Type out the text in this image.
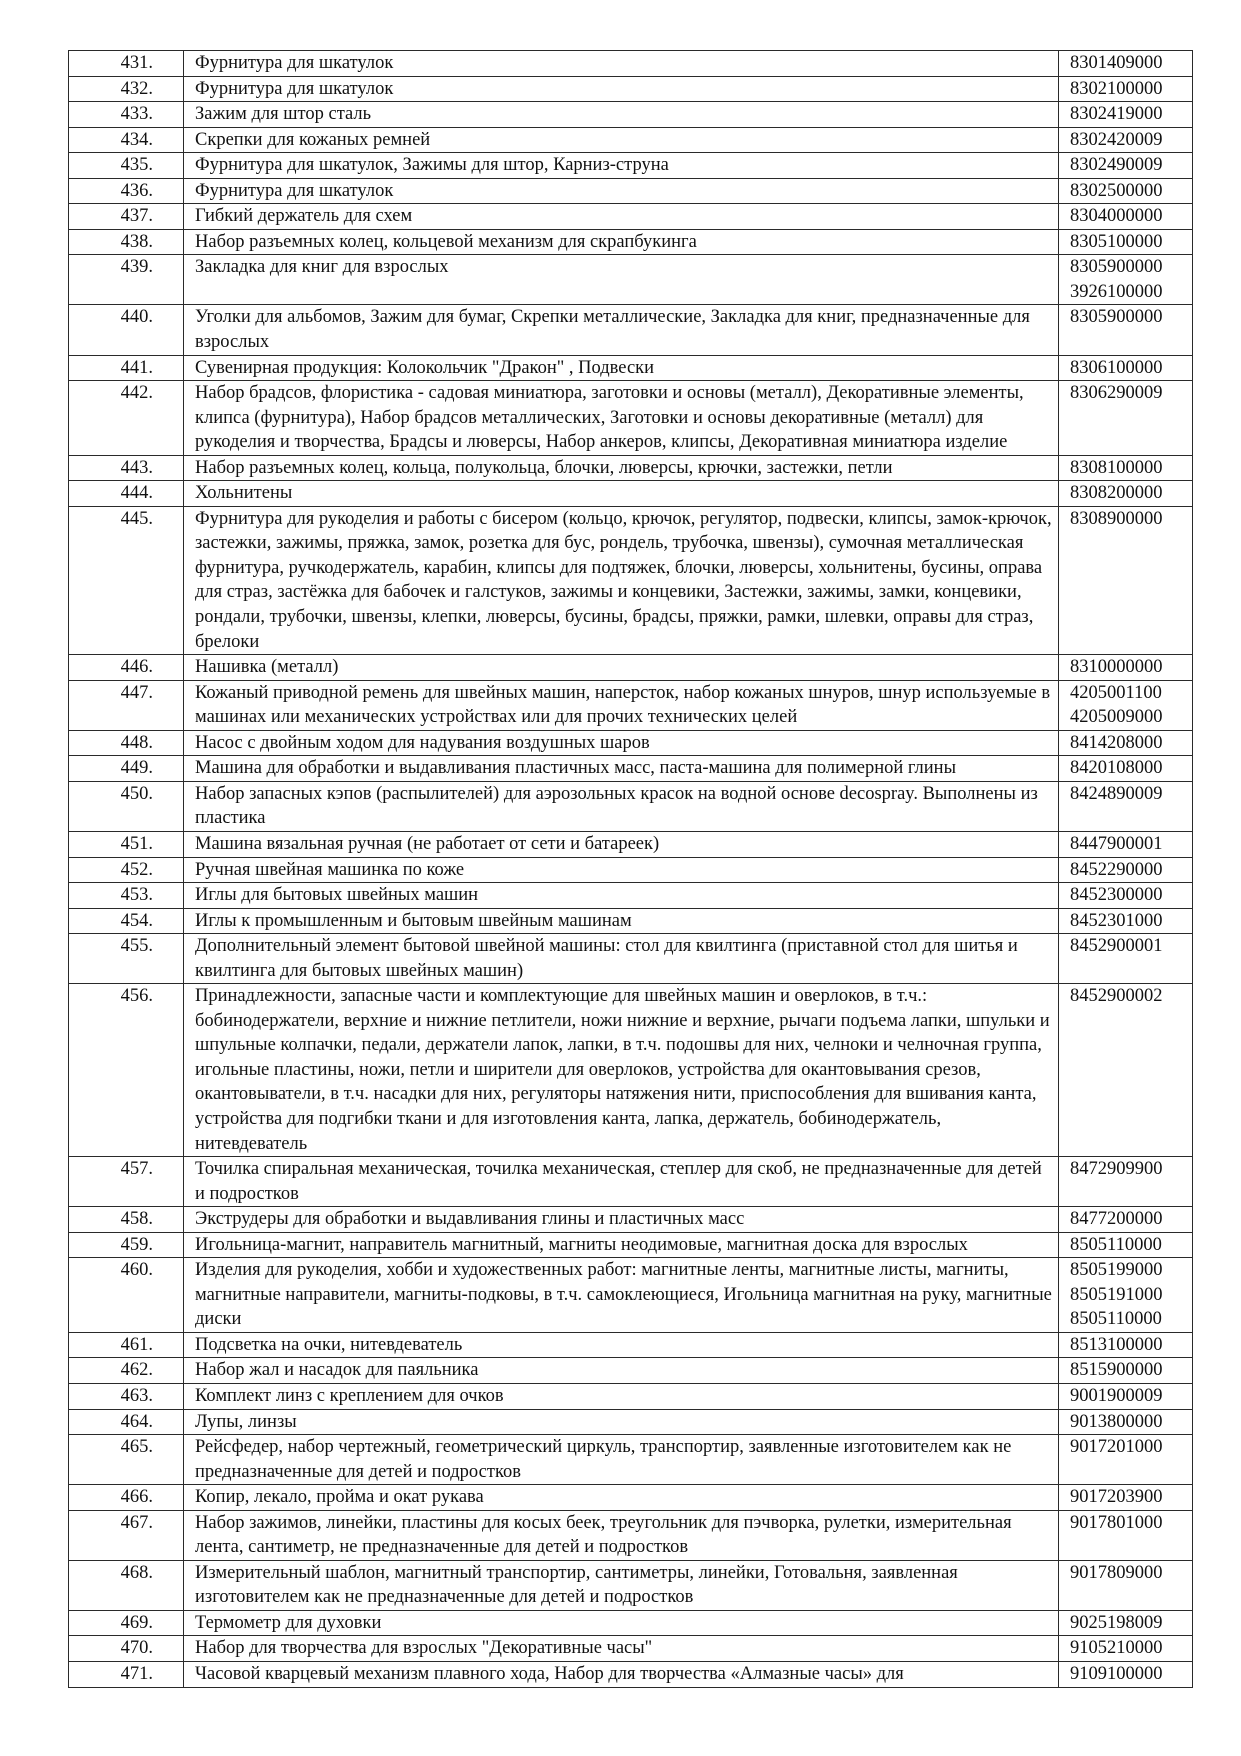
431.	Фурнитура для шкатулок	8301409000

432.	Фурнитура для шкатулок	8302100000

433.	Зажим для штор сталь	8302419000

434.	Скрепки для кожаных ремней	8302420009

435.	Фурнитура для шкатулок, Зажимы для штор, Карниз-струна	8302490009

436.	Фурнитура для шкатулок	8302500000

437.	Гибкий держатель для схем	8304000000

438.	Набор разъемных колец, кольцевой механизм для скрапбукинга	8305100000

439.	Закладка для книг для взрослых	8305900000
3926100000

440.	Уголки для альбомов, Зажим для бумаг, Скрепки металлические, Закладка для книг, предназначенные для взрослых	8305900000

441.	Сувенирная продукция: Колокольчик "Дракон" , Подвески	8306100000

442.	Набор брадсов, флористика - садовая миниатюра, заготовки и основы (металл), Декоративные элементы, клипса (фурнитура), Набор брадсов металлических, Заготовки и основы декоративные (металл) для рукоделия и творчества, Брадсы и люверсы, Набор анкеров, клипсы, Декоративная миниатюра изделие	8306290009

443.	Набор разъемных колец, кольца, полукольца, блочки, люверсы, крючки, застежки, петли	8308100000

444.	Хольнитены	8308200000

445.	Фурнитура для рукоделия и работы с бисером (кольцо, крючок, регулятор, подвески, клипсы, замок-крючок, застежки, зажимы, пряжка, замок, розетка для бус, рондель, трубочка, швензы), сумочная металлическая фурнитура, ручкодержатель, карабин, клипсы для подтяжек, блочки, люверсы, хольнитены, бусины, оправа для страз, застёжка для бабочек и галстуков, зажимы и концевики, Застежки, зажимы, замки, концевики, рондали, трубочки, швензы, клепки, люверсы, бусины, брадсы, пряжки, рамки, шлевки, оправы для страз, брелоки	8308900000

446.	Нашивка (металл)	8310000000

447.	Кожаный приводной ремень для швейных машин, наперсток, набор кожаных шнуров, шнур используемые в машинах или механических устройствах или для прочих технических целей	4205001100
4205009000

448.	Насос с двойным ходом для надувания воздушных шаров	8414208000

449.	Машина для обработки и выдавливания пластичных масс, паста-машина для полимерной глины	8420108000

450.	Набор запасных кэпов (распылителей) для аэрозольных красок на водной основе decospray. Выполнены из пластика	8424890009

451.	Машина вязальная ручная (не работает от сети и батареек)	8447900001

452.	Ручная швейная машинка по коже	8452290000

453.	Иглы для бытовых швейных машин	8452300000

454.	Иглы к промышленным и бытовым швейным машинам	8452301000

455.	Дополнительный элемент бытовой швейной машины: стол для квилтинга (приставной стол для шитья и квилтинга для бытовых швейных машин)	8452900001

456.	Принадлежности, запасные части и комплектующие для швейных машин и оверлоков, в т.ч.: бобинодержатели, верхние и нижние петлители, ножи нижние и верхние, рычаги подъема лапки, шпульки и шпульные колпачки, педали, держатели лапок, лапки, в т.ч. подошвы для них, челноки и челночная группа, игольные пластины, ножи, петли и ширители для оверлоков, устройства для окантовывания срезов, окантовыватели, в т.ч. насадки для них, регуляторы натяжения нити, приспособления для вшивания канта, устройства для подгибки ткани и для изготовления канта, лапка, держатель, бобинодержатель, нитевдеватель	8452900002

457.	Точилка спиральная механическая, точилка механическая, степлер для скоб, не предназначенные для детей и подростков	8472909900

458.	Экструдеры для обработки и выдавливания глины и пластичных масс	8477200000

459.	Игольница-магнит, направитель магнитный, магниты неодимовые, магнитная доска для взрослых	8505110000

460.	Изделия для рукоделия, хобби и художественных работ: магнитные ленты, магнитные листы, магниты, магнитные направители, магниты-подковы, в т.ч. самоклеющиеся, Игольница магнитная на руку, магнитные диски	
8505199000
8505191000
8505110000

461.	Подсветка на очки, нитевдеватель	8513100000

462.	Набор жал и насадок для паяльника	8515900000

463.	Комплект линз с креплением для очков	9001900009

464.	Лупы, линзы	9013800000

465.	Рейсфедер, набор чертежный, геометрический циркуль, транспортир, заявленные изготовителем как не предназначенные для детей и подростков	9017201000

466.	Копир, лекало, пройма и окат рукава	9017203900

467.	Набор зажимов, линейки, пластины для косых беек, треугольник для пэчворка, рулетки, измерительная лента, сантиметр, не предназначенные для детей и подростков	9017801000

468.	Измерительный шаблон, магнитный транспортир, сантиметры, линейки, Готовальня, заявленная изготовителем как не предназначенные для детей и подростков	9017809000

469.	Термометр для духовки	9025198009

470.	Набор для творчества для взрослых "Декоративные часы"	9105210000

471.	Часовой кварцевый механизм плавного хода, Набор для творчества «Алмазные часы» для	9109100000
